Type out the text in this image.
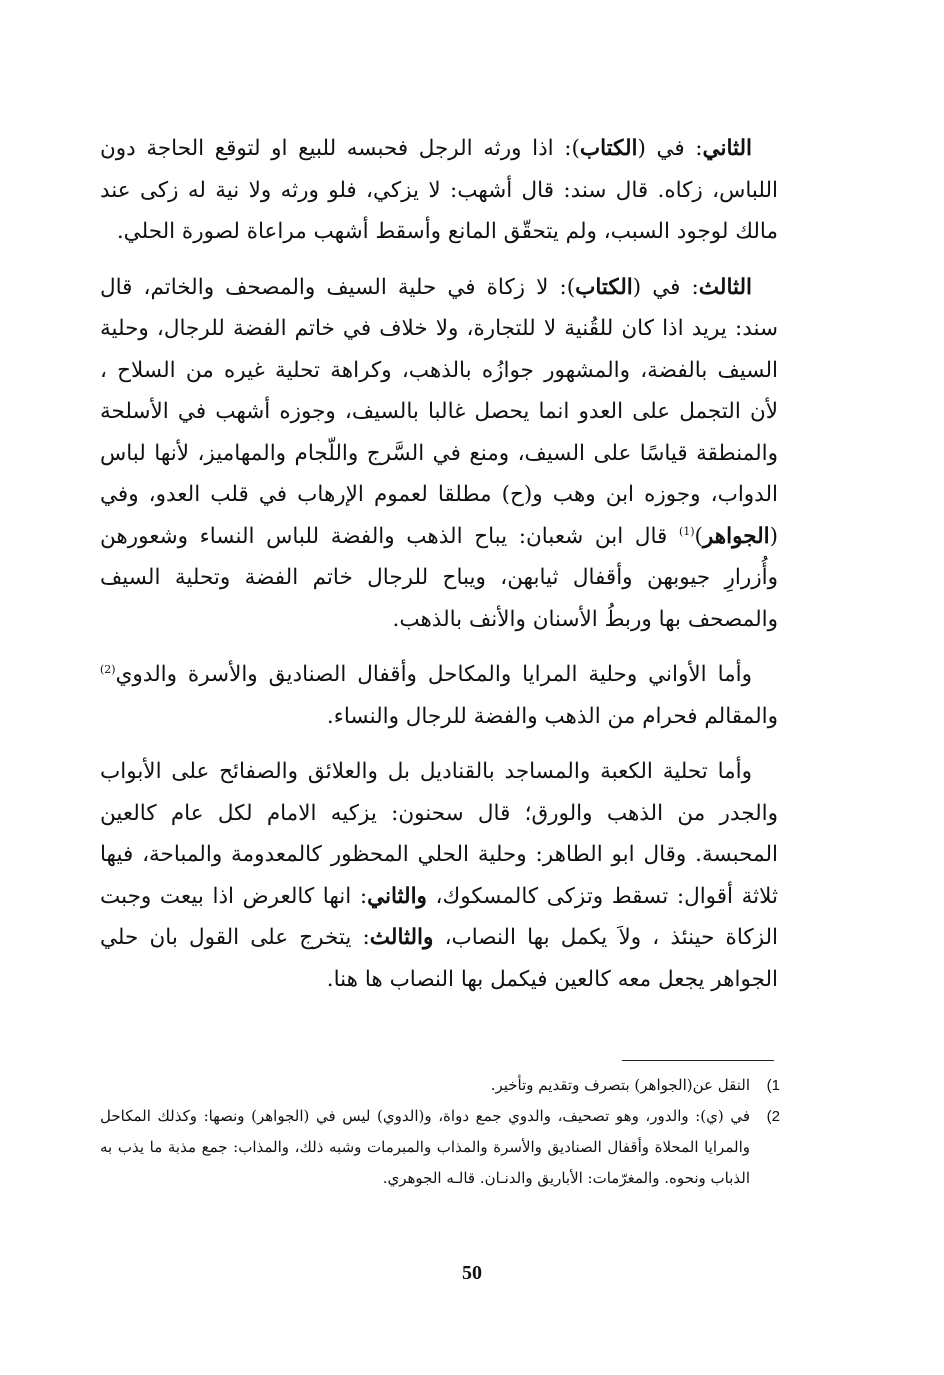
الثاني: في (الكتاب): اذا ورثه الرجل فحبسه للبيع او لتوقع الحاجة دون اللباس، زكاه. قال سند: قال أشهب: لا يزكي، فلو ورثه ولا نية له زكى عند مالك لوجود السبب، ولم يتحقّق المانع وأسقط أشهب مراعاة لصورة الحلي.

الثالث: في (الكتاب): لا زكاة في حلية السيف والمصحف والخاتم، قال سند: يريد اذا كان للقُنية لا للتجارة، ولا خلاف في خاتم الفضة للرجال، وحلية السيف بالفضة، والمشهور جوازُه بالذهب، وكراهة تحلية غيره من السلاح ، لأن التجمل على العدو انما يحصل غالبا بالسيف، وجوزه أشهب في الأسلحة والمنطقة قياسًا على السيف، ومنع في السَّرج واللّجام والمهاميز، لأنها لباس الدواب، وجوزه ابن وهب و(ح) مطلقا لعموم الإرهاب في قلب العدو، وفي (الجواهر)$^{(1)}$ قال ابن شعبان: يباح الذهب والفضة للباس النساء وشعورهن وأُزرارِ جيوبهن وأقفال ثيابهن، ويباح للرجال خاتم الفضة وتحلية السيف والمصحف بها وربطُ الأسنان والأنف بالذهب.

وأما الأواني وحلية المرايا والمكاحل وأقفال الصناديق والأسرة والدوي$^{(2)}$ والمقالم فحرام من الذهب والفضة للرجال والنساء.

وأما تحلية الكعبة والمساجد بالقناديل بل والعلائق والصفائح على الأبواب والجدر من الذهب والورق؛ قال سحنون: يزكيه الامام لكل عام كالعين المحبسة. وقال ابو الطاهر: وحلية الحلي المحظور كالمعدومة والمباحة، فيها ثلاثة أقوال: تسقط وتزكى كالمسكوك، والثاني: انها كالعرض اذا بيعت وجبت الزكاة حينئذ ، ولاَ يكمل بها النصاب، والثالث: يتخرج على القول بان حلي الجواهر يجعل معه كالعين فيكمل بها النصاب ها هنا.

1)
النقل عن(الجواهر) بتصرف وتقديم وتأخير.
2)
في (ي): والدور، وهو تصحيف، والدوي جمع دواة، و(الدوي) ليس في (الجواهر) ونصها: وكذلك المكاحل والمرايا المحلاة وأقفال الصناديق والأسرة والمذاب والمبرمات وشبه ذلك، والمذاب: جمع مذبة ما يذب به الذباب ونحوه. والمغرّمات: الأباريق والدنـان. قالـه الجوهري.
50
